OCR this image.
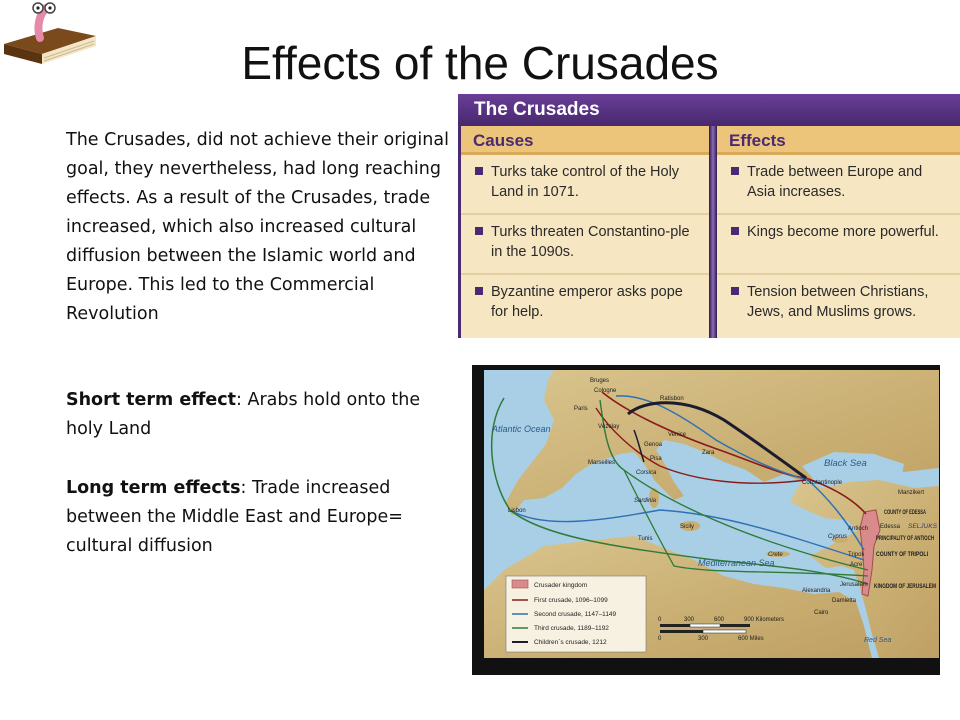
Effects of the Crusades

The Crusades, did not achieve their original goal, they nevertheless, had long reaching effects. As a result of the Crusades, trade increased, which also increased cultural diffusion between the Islamic world and Europe. This led to the Commercial Revolution

Short term effect: Arabs hold onto the holy Land

Long term effects: Trade increased between the Middle East and Europe= cultural diffusion

The Crusades
Causes
Turks take control of the Holy Land in 1071.
Turks threaten Constantino-ple in the 1090s.
Byzantine emperor asks pope for help.
Effects
Trade between Europe and Asia increases.
Kings become more powerful.
Tension between Christians, Jews, and Muslims grows.
Atlantic Ocean
Black Sea
Mediterranean Sea
Red Sea
Bruges
Cologne
Paris
Vézelay
Ratisbon
Venice
Genoa
Pisa
Marseilles
Zara
Lisbon
Tunis
Sicily
Corsica
Sardinia
Crete
Cyprus
Constantinople
Manzikert
Edessa
Antioch
Tripoli
Acre
Jerusalem
Alexandria
Damietta
Cairo
COUNTY OF EDESSA
PRINCIPALITY OF ANTIOCH
COUNTY OF TRIPOLI
KINGDOM OF JERUSALEM
SELJUKS
Crusader kingdom
First crusade, 1096–1099
Second crusade, 1147–1149
Third crusade, 1189–1192
Children`s crusade, 1212
0	300	600	900 Kilometers
0	300	600 Miles
